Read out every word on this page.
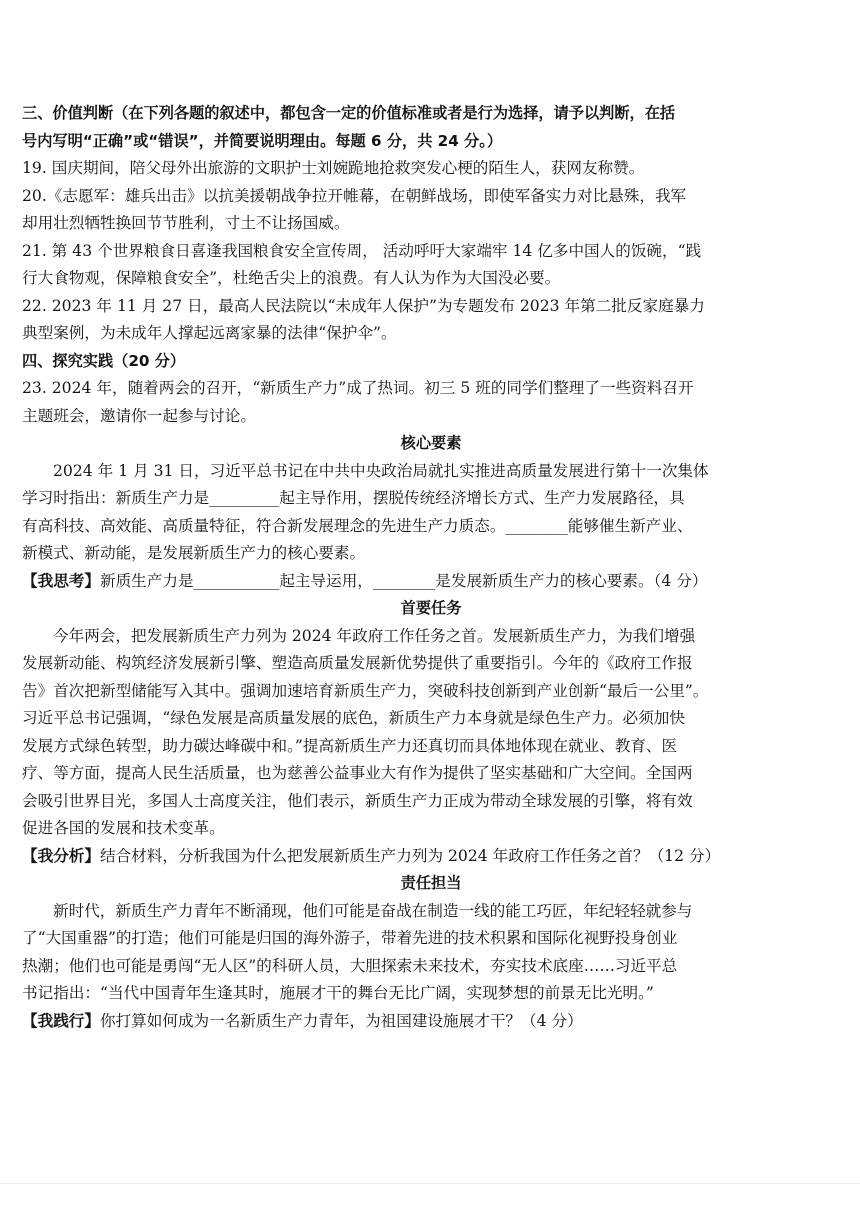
三、价值判断（在下列各题的叙述中，都包含一定的价值标准或者是行为选择，请予以判断，在括
号内写明“正确”或“错误”，并简要说明理由。每题 6 分，共 24 分。）
19. 国庆期间，陪父母外出旅游的文职护士刘婉跪地抢救突发心梗的陌生人，获网友称赞。
20.《志愿军：雄兵出击》以抗美援朝战争拉开帷幕，在朝鲜战场，即使军备实力对比悬殊，我军
却用壮烈牺牲换回节节胜利，寸土不让扬国威。
21. 第 43 个世界粮食日喜逢我国粮食安全宣传周， 活动呼吁大家端牢 14 亿多中国人的饭碗，“践
行大食物观，保障粮食安全”，杜绝舌尖上的浪费。有人认为作为大国没必要。
22. 2023 年 11 月 27 日，最高人民法院以“未成年人保护”为专题发布 2023 年第二批反家庭暴力
典型案例，为未成年人撑起远离家暴的法律“保护伞”。
四、探究实践（20 分）
23. 2024 年，随着两会的召开，“新质生产力”成了热词。初三 5 班的同学们整理了一些资料召开
主题班会，邀请你一起参与讨论。
核心要素
2024 年 1 月 31 日，习近平总书记在中共中央政治局就扎实推进高质量发展进行第十一次集体
学习时指出：新质生产力是_________起主导作用，摆脱传统经济增长方式、生产力发展路径，具
有高科技、高效能、高质量特征，符合新发展理念的先进生产力质态。________能够催生新产业、
新模式、新动能，是发展新质生产力的核心要素。
【我思考】新质生产力是___________起主导运用，________是发展新质生产力的核心要素。（4 分）
首要任务
今年两会，把发展新质生产力列为 2024 年政府工作任务之首。发展新质生产力，为我们增强
发展新动能、构筑经济发展新引擎、塑造高质量发展新优势提供了重要指引。今年的《政府工作报
告》首次把新型储能写入其中。强调加速培育新质生产力，突破科技创新到产业创新“最后一公里”。
习近平总书记强调，“绿色发展是高质量发展的底色，新质生产力本身就是绿色生产力。必须加快
发展方式绿色转型，助力碳达峰碳中和。”提高新质生产力还真切而具体地体现在就业、教育、医
疗、等方面，提高人民生活质量，也为慈善公益事业大有作为提供了坚实基础和广大空间。全国两
会吸引世界目光，多国人士高度关注，他们表示，新质生产力正成为带动全球发展的引擎，将有效
促进各国的发展和技术变革。
【我分析】结合材料，分析我国为什么把发展新质生产力列为 2024 年政府工作任务之首？（12 分）
责任担当
新时代，新质生产力青年不断涌现，他们可能是奋战在制造一线的能工巧匠，年纪轻轻就参与
了“大国重器”的打造；他们可能是归国的海外游子，带着先进的技术积累和国际化视野投身创业
热潮；他们也可能是勇闯“无人区”的科研人员，大胆探索未来技术，夯实技术底座……习近平总
书记指出：“当代中国青年生逢其时，施展才干的舞台无比广阔，实现梦想的前景无比光明。”
【我践行】你打算如何成为一名新质生产力青年，为祖国建设施展才干？（4 分）
